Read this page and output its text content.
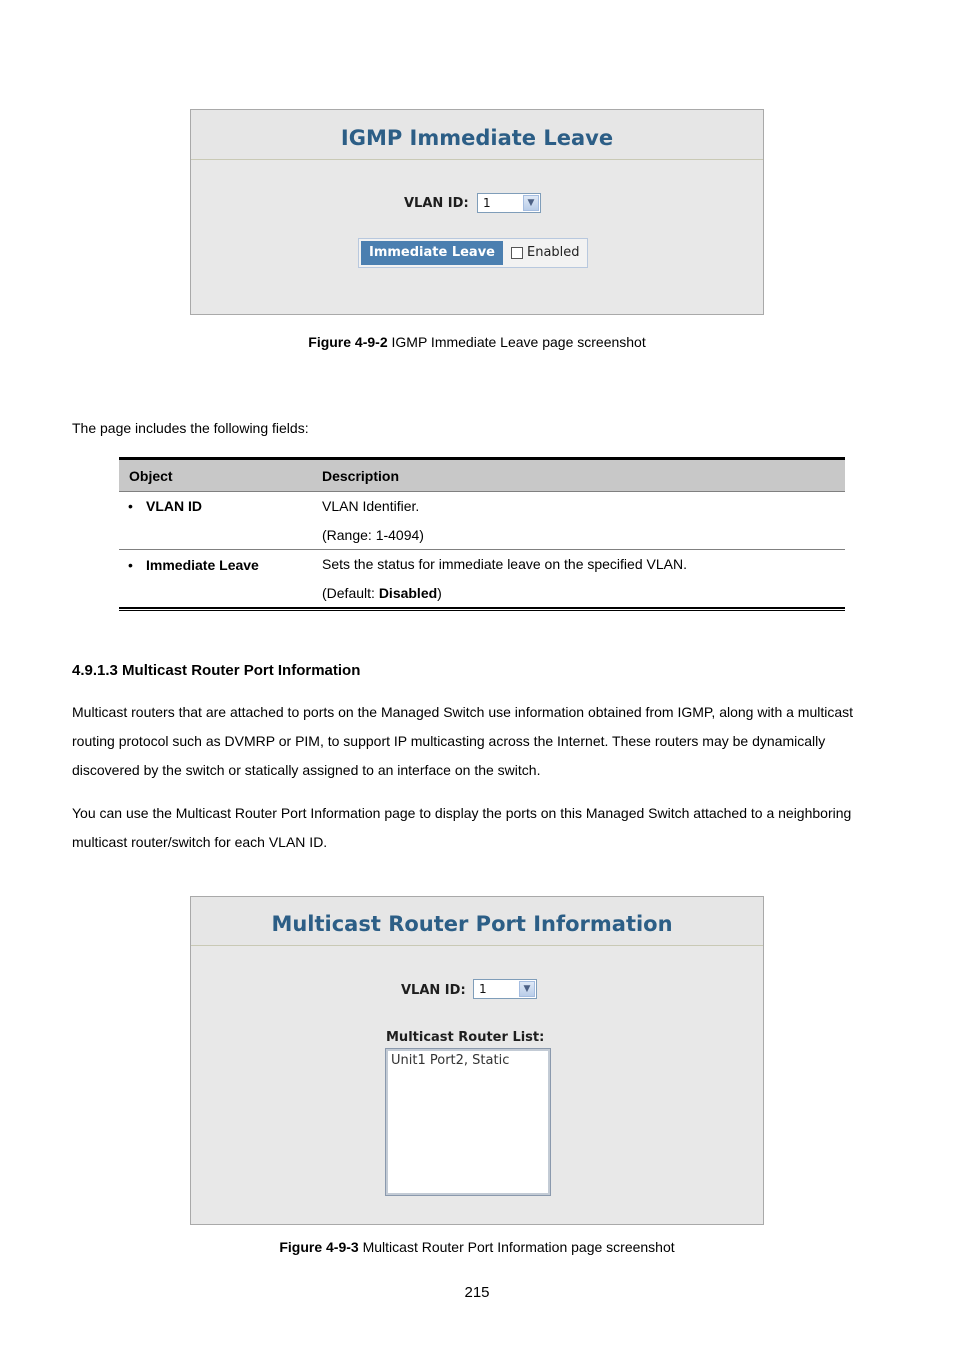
IGMP Immediate Leave
VLAN ID: 1	▼
Immediate Leave	Enabled
Figure 4-9-2 IGMP Immediate Leave page screenshot
The page includes the following fields:
Object	Description
• VLAN ID	VLAN Identifier.
(Range: 1-4094)
• Immediate Leave	Sets the status for immediate leave on the specified VLAN.
(Default: Disabled)
4.9.1.3 Multicast Router Port Information
Multicast routers that are attached to ports on the Managed Switch use information obtained from IGMP, along with a multicast
routing protocol such as DVMRP or PIM, to support IP multicasting across the Internet. These routers may be dynamically
discovered by the switch or statically assigned to an interface on the switch.
You can use the Multicast Router Port Information page to display the ports on this Managed Switch attached to a neighboring
multicast router/switch for each VLAN ID.
Multicast Router Port Information
VLAN ID: 1	▼
Multicast Router List:
Unit1 Port2, Static
Figure 4-9-3 Multicast Router Port Information page screenshot
215
